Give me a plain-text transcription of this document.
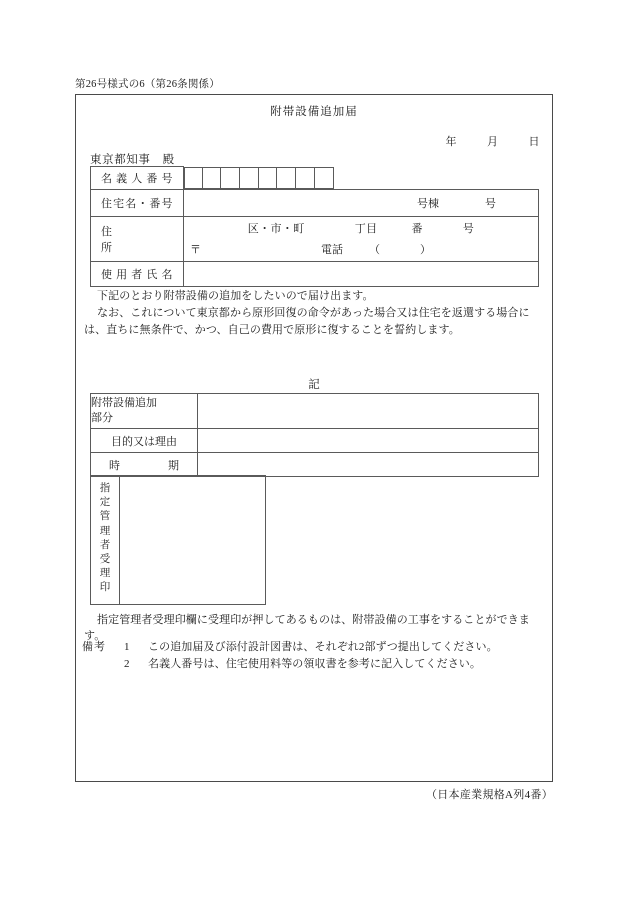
第26号様式の6（第26条関係）
附帯設備追加届
年	月	日
東京都知事　殿
名 義 人 番 号	

住宅名・番号	号棟 号

住　　　　所	区・市・町 丁目 番 号
〒 電話 （ ）

使 用 者 氏 名	

下記のとおり附帯設備の追加をしたいので届け出ます。

なお、これについて東京都から原形回復の命令があった場合又は住宅を返還する場合に

は、直ちに無条件で、かつ、自己の費用で原形に復することを誓約します。

記
附帯設備追加
部分	

目的又は理由	

時　　　　期	

指
定
管
理
者
受
理
印
指定管理者受理印欄に受理印が押してあるものは、附帯設備の工事をすることができます。
備考	1	この追加届及び添付設計図書は、それぞれ2部ずつ提出してください。
2	名義人番号は、住宅使用料等の領収書を参考に記入してください。
（日本産業規格A列4番）
